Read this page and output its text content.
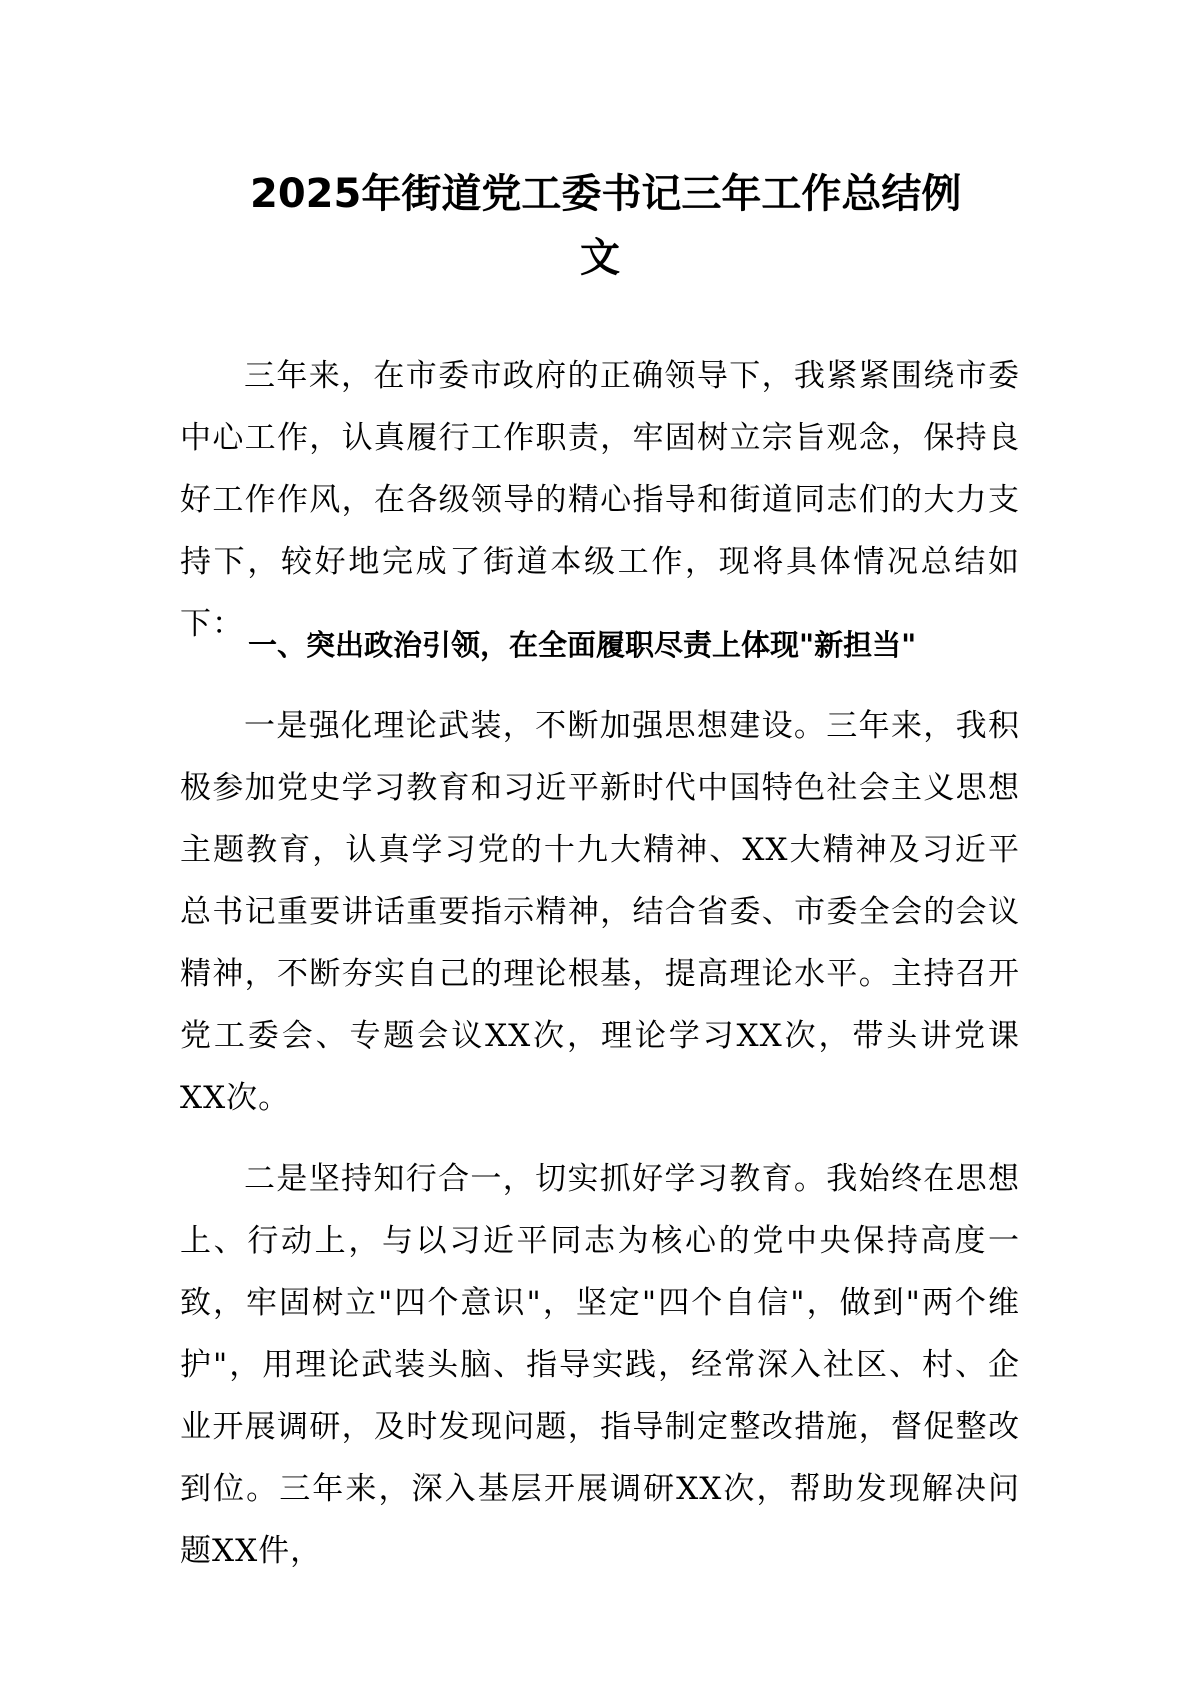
2025年街道党工委书记三年工作总结例
文

三年来，在市委市政府的正确领导下，我紧紧围绕市委中心工作，认真履行工作职责，牢固树立宗旨观念，保持良好工作作风，在各级领导的精心指导和街道同志们的大力支持下，较好地完成了街道本级工作，现将具体情况总结如下：

一、突出政治引领，在全面履职尽责上体现"新担当"

一是强化理论武装，不断加强思想建设。三年来，我积极参加党史学习教育和习近平新时代中国特色社会主义思想主题教育，认真学习党的十九大精神、XX大精神及习近平总书记重要讲话重要指示精神，结合省委、市委全会的会议精神，不断夯实自己的理论根基，提高理论水平。主持召开党工委会、专题会议XX次，理论学习XX次，带头讲党课XX次。

二是坚持知行合一，切实抓好学习教育。我始终在思想上、行动上，与以习近平同志为核心的党中央保持高度一致，牢固树立"四个意识"，坚定"四个自信"，做到"两个维护"，用理论武装头脑、指导实践，经常深入社区、村、企业开展调研，及时发现问题，指导制定整改措施，督促整改到位。三年来，深入基层开展调研XX次，帮助发现解决问题XX件，
